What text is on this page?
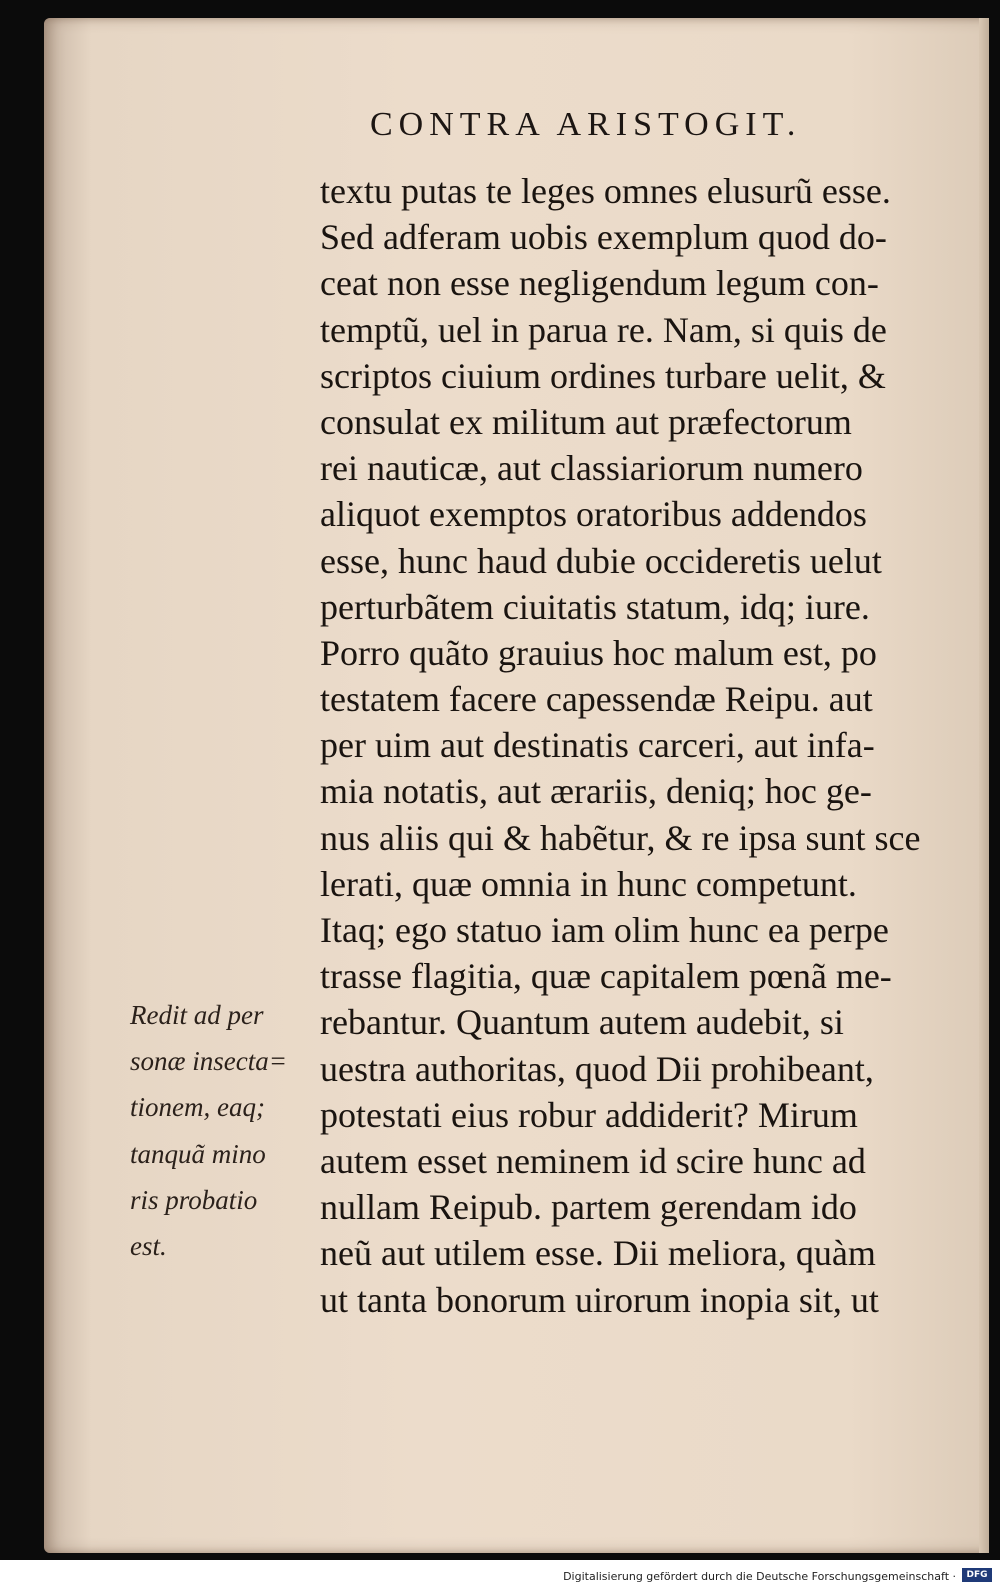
CONTRA ARISTOGIT.
textu putas te leges omnes elusurũ esse.
Sed adferam uobis exemplum quod do-
ceat non esse negligendum legum con-
temptũ, uel in parua re. Nam, si quis de
scriptos ciuium ordines turbare uelit, &
consulat ex militum aut præfectorum
rei nauticæ, aut classiariorum numero
aliquot exemptos oratoribus addendos
esse, hunc haud dubie occideretis uelut
perturbãtem ciuitatis statum, idq; iure.
Porro quãto grauius hoc malum est, po
testatem facere capessendæ Reipu. aut
per uim aut destinatis carceri, aut infa-
mia notatis, aut ærariis, deniq; hoc ge-
nus aliis qui & habẽtur, & re ipsa sunt sce
lerati, quæ omnia in hunc competunt.
Itaq; ego statuo iam olim hunc ea perpe
trasse flagitia, quæ capitalem pœnã me-
rebantur. Quantum autem audebit, si
uestra authoritas, quod Dii prohibeant,
potestati eius robur addiderit? Mirum
autem esset neminem id scire hunc ad
nullam Reipub. partem gerendam ido
neũ aut utilem esse. Dii meliora, quàm
ut tanta bonorum uirorum inopia sit, ut
Redit ad per
sonæ insecta=
tionem, eaq;
tanquã mino
ris probatio
est.
Digitalisierung gefördert durch die Deutsche Forschungsgemeinschaft ·	DFG
